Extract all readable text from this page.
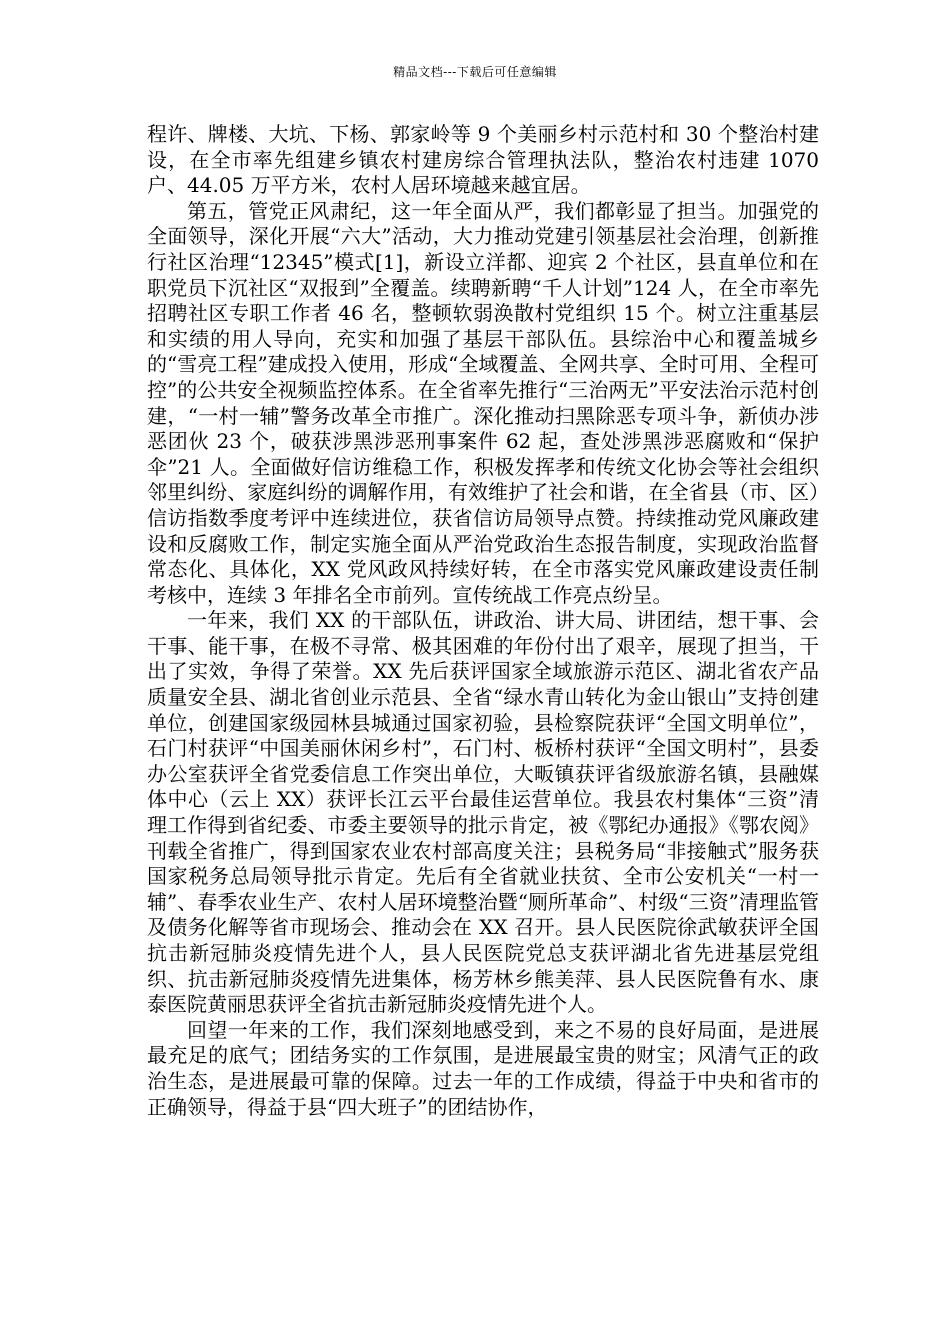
精品文档---下载后可任意编辑

程许、牌楼、大坑、下杨、郭家岭等 9 个美丽乡村示范村和 30 个整治村建设，在全市率先组建乡镇农村建房综合管理执法队，整治农村违建 1070 户、44.05 万平方米，农村人居环境越来越宜居。

第五，管党正风肃纪，这一年全面从严，我们都彰显了担当。加强党的全面领导，深化开展“六大”活动，大力推动党建引领基层社会治理，创新推行社区治理“12345”模式[1]，新设立洋都、迎宾 2 个社区，县直单位和在职党员下沉社区“双报到”全覆盖。续聘新聘“千人计划”124 人，在全市率先招聘社区专职工作者 46 名，整顿软弱涣散村党组织 15 个。树立注重基层和实绩的用人导向，充实和加强了基层干部队伍。县综治中心和覆盖城乡的“雪亮工程”建成投入使用，形成“全域覆盖、全网共享、全时可用、全程可控”的公共安全视频监控体系。在全省率先推行“三治两无”平安法治示范村创建，“一村一辅”警务改革全市推广。深化推动扫黑除恶专项斗争，新侦办涉恶团伙 23 个，破获涉黑涉恶刑事案件 62 起，查处涉黑涉恶腐败和“保护伞”21 人。全面做好信访维稳工作，积极发挥孝和传统文化协会等社会组织邻里纠纷、家庭纠纷的调解作用，有效维护了社会和谐，在全省县（市、区）信访指数季度考评中连续进位，获省信访局领导点赞。持续推动党风廉政建设和反腐败工作，制定实施全面从严治党政治生态报告制度，实现政治监督常态化、具体化，XX 党风政风持续好转，在全市落实党风廉政建设责任制考核中，连续 3 年排名全市前列。宣传统战工作亮点纷呈。

一年来，我们 XX 的干部队伍，讲政治、讲大局、讲团结，想干事、会干事、能干事，在极不寻常、极其困难的年份付出了艰辛，展现了担当，干出了实效，争得了荣誉。XX 先后获评国家全域旅游示范区、湖北省农产品质量安全县、湖北省创业示范县、全省“绿水青山转化为金山银山”支持创建单位，创建国家级园林县城通过国家初验，县检察院获评“全国文明单位”，石门村获评“中国美丽休闲乡村”，石门村、板桥村获评“全国文明村”，县委办公室获评全省党委信息工作突出单位，大畈镇获评省级旅游名镇，县融媒体中心（云上 XX）获评长江云平台最佳运营单位。我县农村集体“三资”清理工作得到省纪委、市委主要领导的批示肯定，被《鄂纪办通报》《鄂农阅》刊载全省推广，得到国家农业农村部高度关注；县税务局“非接触式”服务获国家税务总局领导批示肯定。先后有全省就业扶贫、全市公安机关“一村一辅”、春季农业生产、农村人居环境整治暨“厕所革命”、村级“三资”清理监管及债务化解等省市现场会、推动会在 XX 召开。县人民医院徐武敏获评全国抗击新冠肺炎疫情先进个人，县人民医院党总支获评湖北省先进基层党组织、抗击新冠肺炎疫情先进集体，杨芳林乡熊美萍、县人民医院鲁有水、康泰医院黄丽思获评全省抗击新冠肺炎疫情先进个人。

回望一年来的工作，我们深刻地感受到，来之不易的良好局面，是进展最充足的底气；团结务实的工作氛围，是进展最宝贵的财宝；风清气正的政治生态，是进展最可靠的保障。过去一年的工作成绩，得益于中央和省市的正确领导，得益于县“四大班子”的团结协作，
